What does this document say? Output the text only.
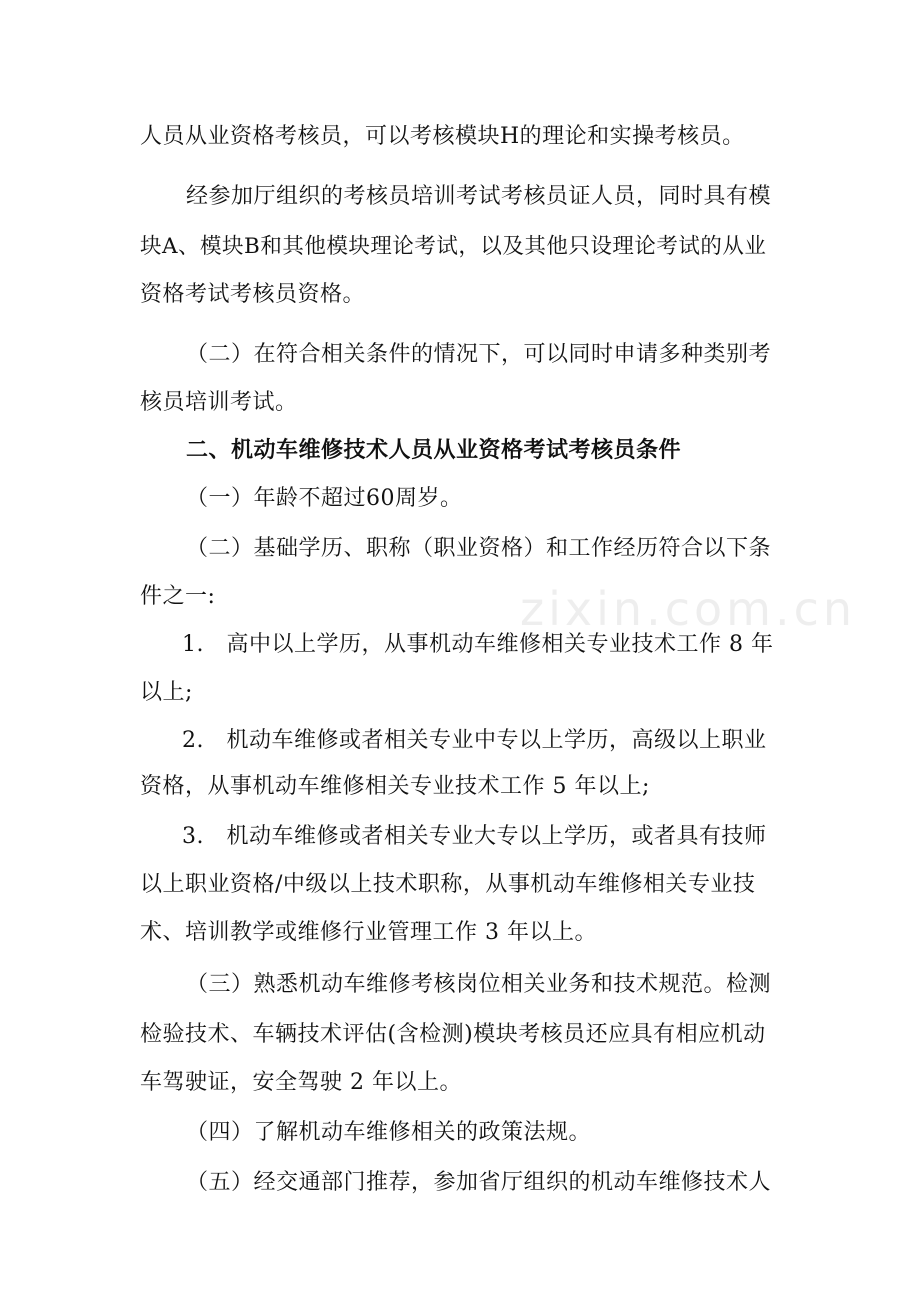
zixin.com.cn
人员从业资格考核员，可以考核模块H的理论和实操考核员。
经参加厅组织的考核员培训考试考核员证人员，同时具有模
块A、模块B和其他模块理论考试，以及其他只设理论考试的从业
资格考试考核员资格。
（二）在符合相关条件的情况下，可以同时申请多种类别考
核员培训考试。
二、机动车维修技术人员从业资格考试考核员条件
（一）年龄不超过60周岁。
（二）基础学历、职称（职业资格）和工作经历符合以下条
件之一:
1.　高中以上学历，从事机动车维修相关专业技术工作 8 年
以上;
2.　机动车维修或者相关专业中专以上学历，高级以上职业
资格，从事机动车维修相关专业技术工作 5 年以上;
3.　机动车维修或者相关专业大专以上学历，或者具有技师
以上职业资格/中级以上技术职称，从事机动车维修相关专业技
术、培训教学或维修行业管理工作 3 年以上。
（三）熟悉机动车维修考核岗位相关业务和技术规范。检测
检验技术、车辆技术评估(含检测)模块考核员还应具有相应机动
车驾驶证，安全驾驶 2 年以上。
（四）了解机动车维修相关的政策法规。
（五）经交通部门推荐，参加省厅组织的机动车维修技术人
